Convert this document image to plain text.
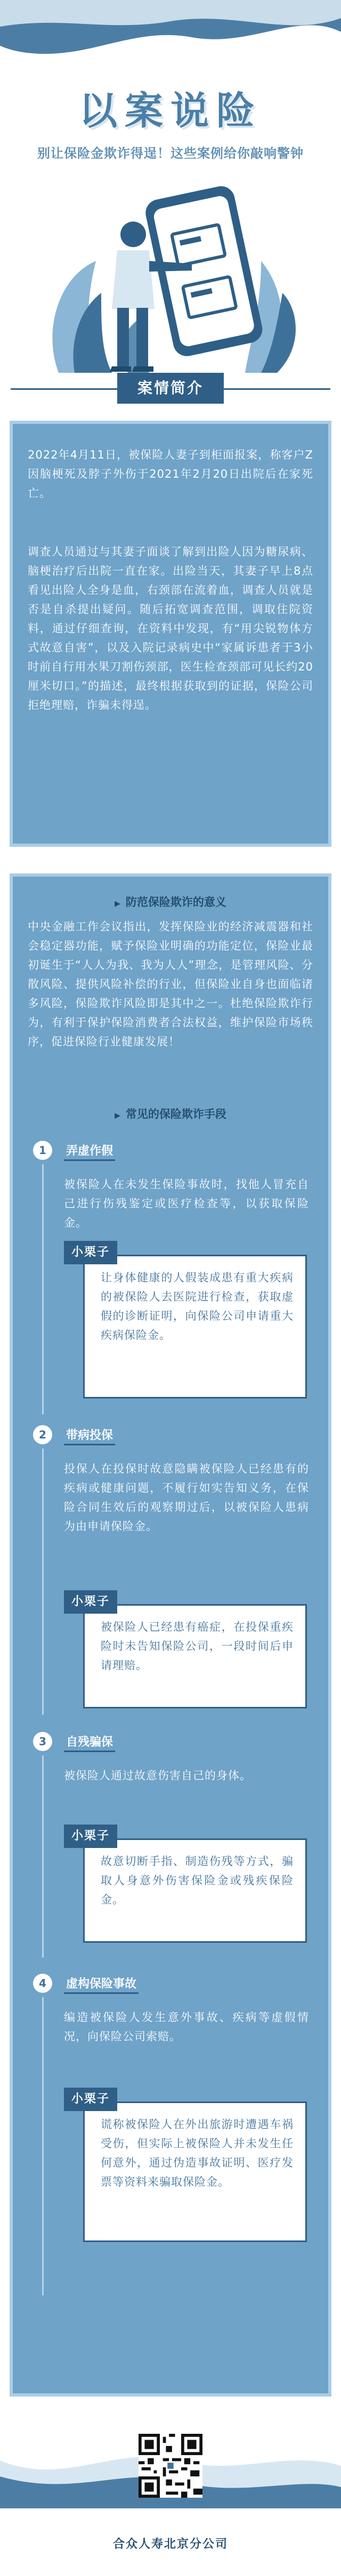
以案说险
别让保险金欺诈得逞！这些案例给你敲响警钟

2022年4月11日，被保险人妻子到柜面报案，称客户Z因脑梗死及脖子外伤于2021年2月20日出院后在家死亡。

调查人员通过与其妻子面谈了解到出险人因为糖尿病、脑梗治疗后出院一直在家。出险当天，其妻子早上8点看见出险人全身是血，右颈部在流着血，调查人员就是否是自杀提出疑问。随后拓宽调查范围，调取住院资料，通过仔细查询，在资料中发现，有“用尖锐物体方式故意自害”，以及入院记录病史中“家属诉患者于3小时前自行用水果刀割伤颈部，医生检查颈部可见长约20厘米切口。”的描述，最终根据获取到的证据，保险公司拒绝理赔，诈骗未得逞。

案情简介
▶ 防范保险欺诈的意义

中央金融工作会议指出，发挥保险业的经济减震器和社会稳定器功能，赋予保险业明确的功能定位，保险业最初诞生于“人人为我、我为人人”理念，是管理风险、分散风险、提供风险补偿的行业，但保险业自身也面临诸多风险，保险欺诈风险即是其中之一。杜绝保险欺诈行为，有利于保护保险消费者合法权益，维护保险市场秩序，促进保险行业健康发展！

▶ 常见的保险欺诈手段
1	弄虚作假

被保险人在未发生保险事故时，找他人冒充自己进行伤残鉴定或医疗检查等，以获取保险金。

让身体健康的人假装成患有重大疾病的被保险人去医院进行检查，获取虚假的诊断证明，向保险公司申请重大疾病保险金。
小栗子
2	带病投保

投保人在投保时故意隐瞒被保险人已经患有的疾病或健康问题，不履行如实告知义务，在保险合同生效后的观察期过后，以被保险人患病为由申请保险金。

被保险人已经患有癌症，在投保重疾险时未告知保险公司，一段时间后申请理赔。
小栗子
3	自残骗保

被保险人通过故意伤害自己的身体。

故意切断手指、制造伤残等方式，骗取人身意外伤害保险金或残疾保险金。
小栗子
4	虚构保险事故

编造被保险人发生意外事故、疾病等虚假情况，向保险公司索赔。

谎称被保险人在外出旅游时遭遇车祸受伤，但实际上被保险人并未发生任何意外，通过伪造事故证明、医疗发票等资料来骗取保险金。
小栗子
合众人寿北京分公司
